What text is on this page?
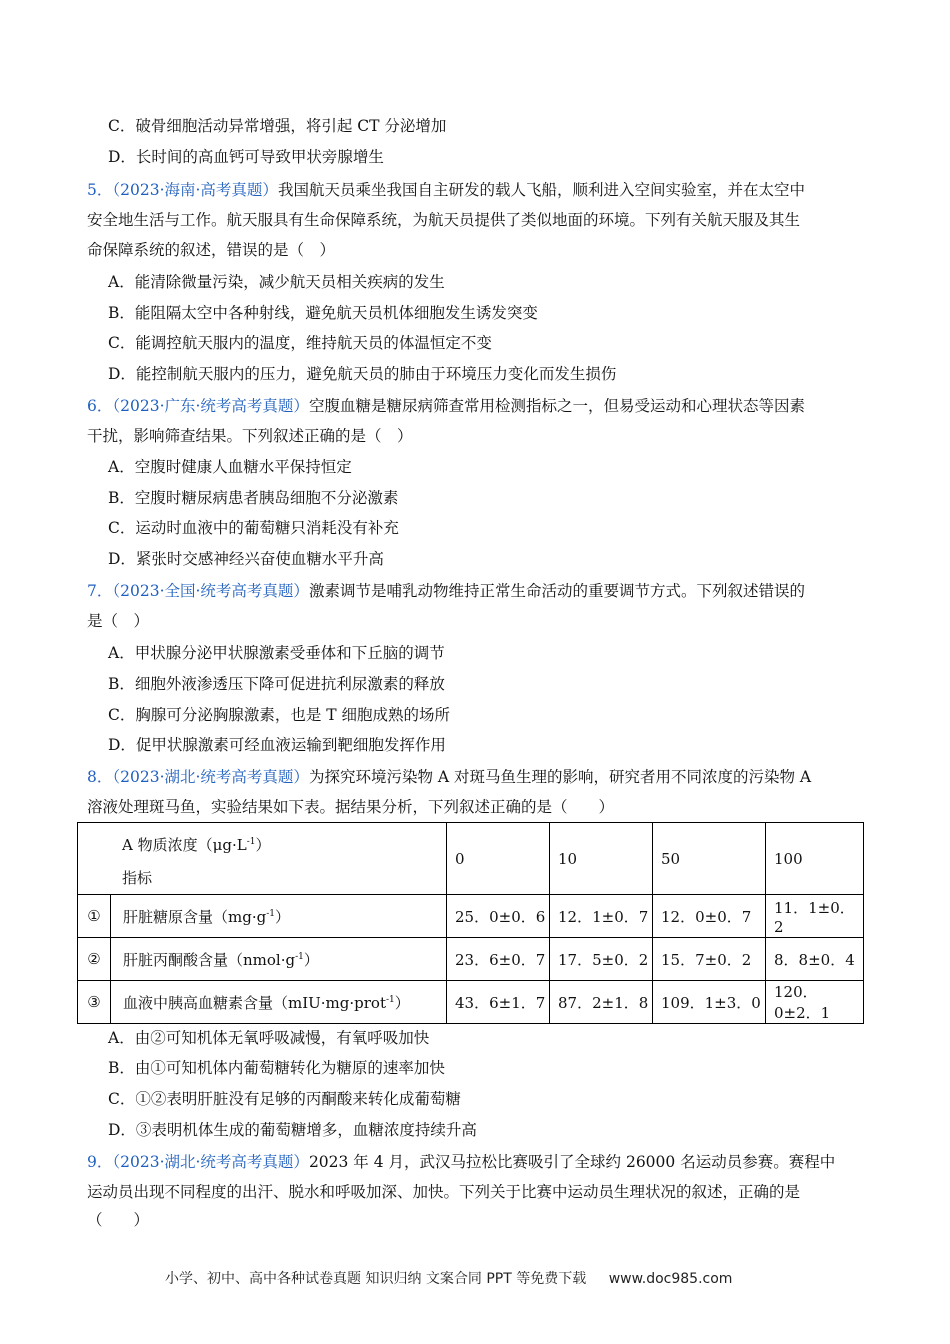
C．破骨细胞活动异常增强，将引起 CT 分泌增加
D．长时间的高血钙可导致甲状旁腺增生
5．（2023·海南·高考真题）我国航天员乘坐我国自主研发的载人飞船，顺利进入空间实验室，并在太空中
安全地生活与工作。航天服具有生命保障系统，为航天员提供了类似地面的环境。下列有关航天服及其生
命保障系统的叙述，错误的是（　）
A．能清除微量污染，减少航天员相关疾病的发生
B．能阻隔太空中各种射线，避免航天员机体细胞发生诱发突变
C．能调控航天服内的温度，维持航天员的体温恒定不变
D．能控制航天服内的压力，避免航天员的肺由于环境压力变化而发生损伤
6．（2023·广东·统考高考真题）空腹血糖是糖尿病筛查常用检测指标之一，但易受运动和心理状态等因素
干扰，影响筛查结果。下列叙述正确的是（　）
A．空腹时健康人血糖水平保持恒定
B．空腹时糖尿病患者胰岛细胞不分泌激素
C．运动时血液中的葡萄糖只消耗没有补充
D．紧张时交感神经兴奋使血糖水平升高
7．（2023·全国·统考高考真题）激素调节是哺乳动物维持正常生命活动的重要调节方式。下列叙述错误的
是（　）
A．甲状腺分泌甲状腺激素受垂体和下丘脑的调节
B．细胞外液渗透压下降可促进抗利尿激素的释放
C．胸腺可分泌胸腺激素，也是 T 细胞成熟的场所
D．促甲状腺激素可经血液运输到靶细胞发挥作用
8．（2023·湖北·统考高考真题）为探究环境污染物 A 对斑马鱼生理的影响，研究者用不同浓度的污染物 A
溶液处理斑马鱼，实验结果如下表。据结果分析，下列叙述正确的是（　　）
A 物质浓度$(\mu g\cdot L^{-1})$
指标		0	10	50	100
①	肝脏糖原含量$(mg\cdot g^{-1})$	25．0±0．6	12．1±0．7	12．0±0．7	11．1±0．2
②	肝脏丙酮酸含量$(nmol\cdot g^{-1})$	23．6±0．7	17．5±0．2	15．7±0．2	8．8±0．4
③	血液中胰高血糖素含量（mIU·mg·prot$^{-1}$）	43．6±1．7	87．2±1．8	109．1±3．0	120．0±2．1
A．由②可知机体无氧呼吸减慢，有氧呼吸加快
B．由①可知机体内葡萄糖转化为糖原的速率加快
C．①②表明肝脏没有足够的丙酮酸来转化成葡萄糖
D．③表明机体生成的葡萄糖增多，血糖浓度持续升高
9．（2023·湖北·统考高考真题）2023 年 4 月，武汉马拉松比赛吸引了全球约 26000 名运动员参赛。赛程中
运动员出现不同程度的出汗、脱水和呼吸加深、加快。下列关于比赛中运动员生理状况的叙述，正确的是
（　　）
小学、初中、高中各种试卷真题 知识归纳 文案合同 PPT 等免费下载 www.doc985.com
